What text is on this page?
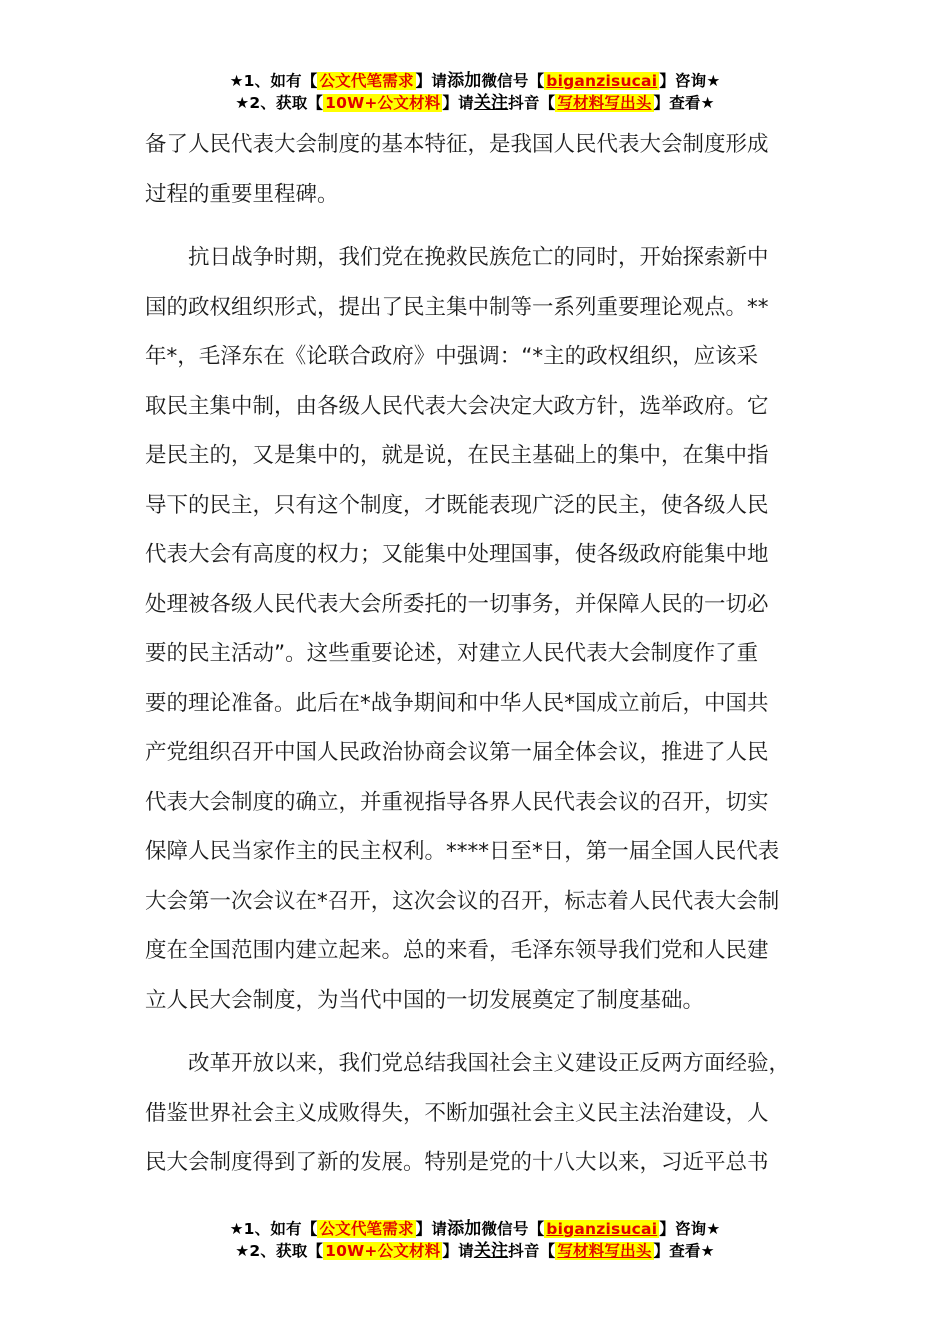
★1、如有【 公文代笔需求 】请添加微信号【 biganzisucai 】咨询★
★2、获取【 10W+公文材料 】请关注抖音【 写材料写出头 】查看★

备了人民代表大会制度的基本特征，是我国人民代表大会制度形成
过程的重要里程碑。

抗日战争时期，我们党在挽救民族危亡的同时，开始探索新中
国的政权组织形式，提出了民主集中制等一系列重要理论观点。**
年*，毛泽东在《论联合政府》中强调：“*主的政权组织，应该采
取民主集中制，由各级人民代表大会决定大政方针，选举政府。它
是民主的，又是集中的，就是说，在民主基础上的集中，在集中指
导下的民主，只有这个制度，才既能表现广泛的民主，使各级人民
代表大会有高度的权力；又能集中处理国事，使各级政府能集中地
处理被各级人民代表大会所委托的一切事务，并保障人民的一切必
要的民主活动”。这些重要论述，对建立人民代表大会制度作了重
要的理论准备。此后在*战争期间和中华人民*国成立前后，中国共
产党组织召开中国人民政治协商会议第一届全体会议，推进了人民
代表大会制度的确立，并重视指导各界人民代表会议的召开，切实
保障人民当家作主的民主权利。****日至*日，第一届全国人民代表
大会第一次会议在*召开，这次会议的召开，标志着人民代表大会制
度在全国范围内建立起来。总的来看，毛泽东领导我们党和人民建
立人民大会制度，为当代中国的一切发展奠定了制度基础。

改革开放以来，我们党总结我国社会主义建设正反两方面经验，
借鉴世界社会主义成败得失，不断加强社会主义民主法治建设，人
民大会制度得到了新的发展。特别是党的十八大以来，习近平总书

★1、如有【 公文代笔需求 】请添加微信号【 biganzisucai 】咨询★
★2、获取【 10W+公文材料 】请关注抖音【 写材料写出头 】查看★
